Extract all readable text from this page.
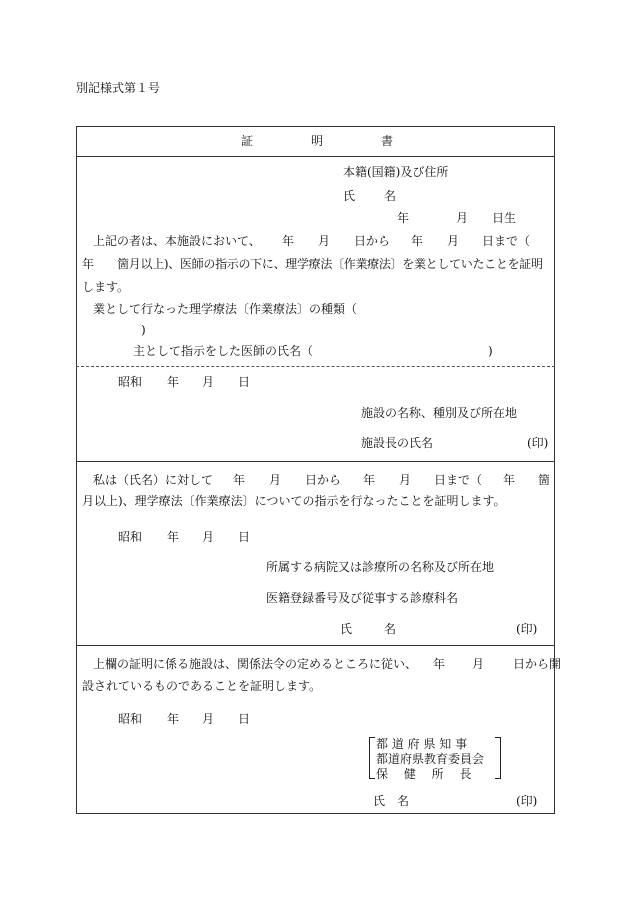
別記様式第１号
証	明	書
本籍(国籍)及び住所
氏 名
年	月 日生
上記の者は、本施設において、 年 月 日から 年 月 日まで（
年　　箇月以上)、医師の指示の下に、理学療法〔作業療法〕を業としていたことを証明
します。
業として行なった理学療法〔作業療法〕の種類（
)
主として指示をした医師の氏名（	)
昭和 年 月 日
施設の名称、種別及び所在地
施設長の氏名	(印)
私は（氏名）に対して 年 月 日から 年 月 日まで（ 年 箇
月以上)、理学療法〔作業療法〕についての指示を行なったことを証明します。
昭和 年 月 日
所属する病院又は診療所の名称及び所在地
医籍登録番号及び従事する診療科名
氏	名	(印)
上欄の証明に係る施設は、関係法令の定めるところに従い、 年 月 日から開
設されているものであることを証明します。
昭和 年 月 日
都 道 府 県 知 事
都道府県教育委員会
保　 健　 所　 長
氏 名	(印)
